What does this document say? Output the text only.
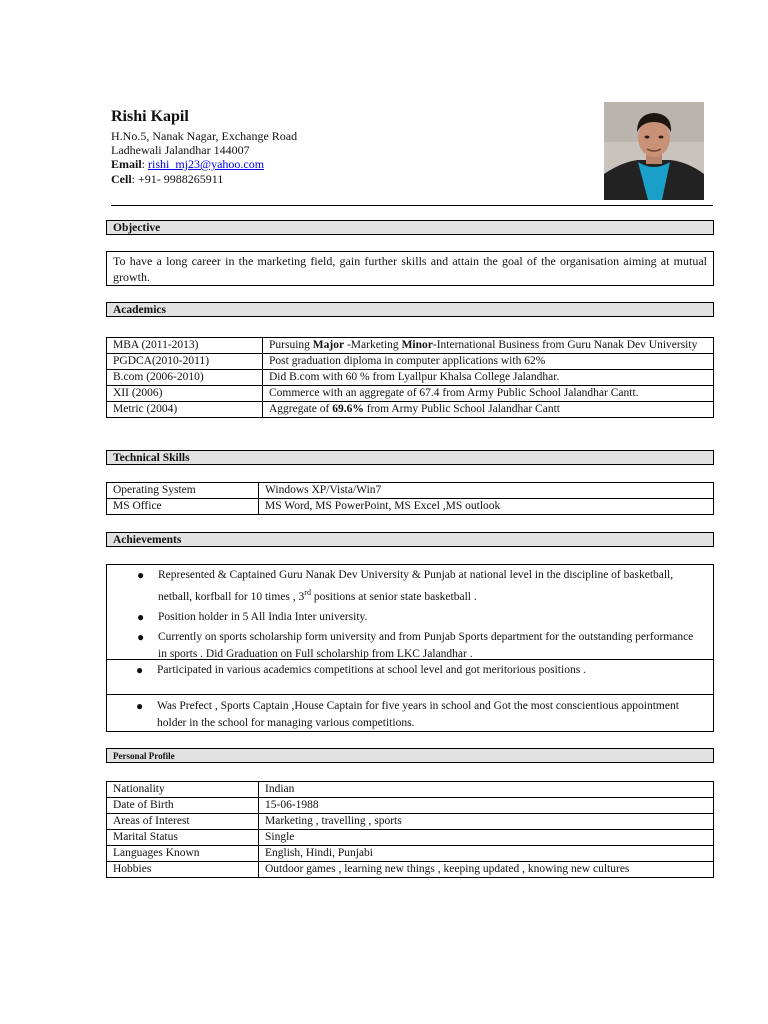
Rishi Kapil
H.No.5, Nanak Nagar, Exchange Road
Ladhewali Jalandhar 144007
Email: rishi_mj23@yahoo.com
Cell: +91- 9988265911
Objective
To have a long career in the marketing field, gain further skills and attain the goal of the organisation aiming at mutual growth.
Academics
MBA (2011-2013)	Pursuing Major -Marketing Minor-International Business from Guru Nanak Dev University
PGDCA(2010-2011)	Post graduation diploma in computer applications with 62%
B.com (2006-2010)	Did B.com with 60 % from Lyallpur Khalsa College Jalandhar.
XII (2006)	Commerce with an aggregate of 67.4 from Army Public School Jalandhar Cantt.
Metric (2004)	Aggregate of 69.6% from Army Public School Jalandhar Cantt
Technical Skills
Operating System	Windows XP/Vista/Win7
MS Office	MS Word, MS PowerPoint, MS Excel ,MS outlook
Achievements
● Represented & Captained Guru Nanak Dev University & Punjab at national level in the discipline of basketball, netball, korfball for 10 times , 3rd positions at senior state basketball .
● Position holder in 5 All India Inter university.
● Currently on sports scholarship form university and from Punjab Sports department for the outstanding performance in sports . Did Graduation on Full scholarship from LKC Jalandhar .
● Participated in various academics competitions at school level and got meritorious positions .
● Was Prefect , Sports Captain ,House Captain for five years in school and Got the most conscientious appointment holder in the school for managing various competitions.
Personal Profile
Nationality	Indian
Date of Birth	15-06-1988
Areas of Interest	Marketing , travelling , sports
Marital Status	Single
Languages Known	English, Hindi, Punjabi
Hobbies	Outdoor games , learning new things , keeping updated , knowing new cultures
